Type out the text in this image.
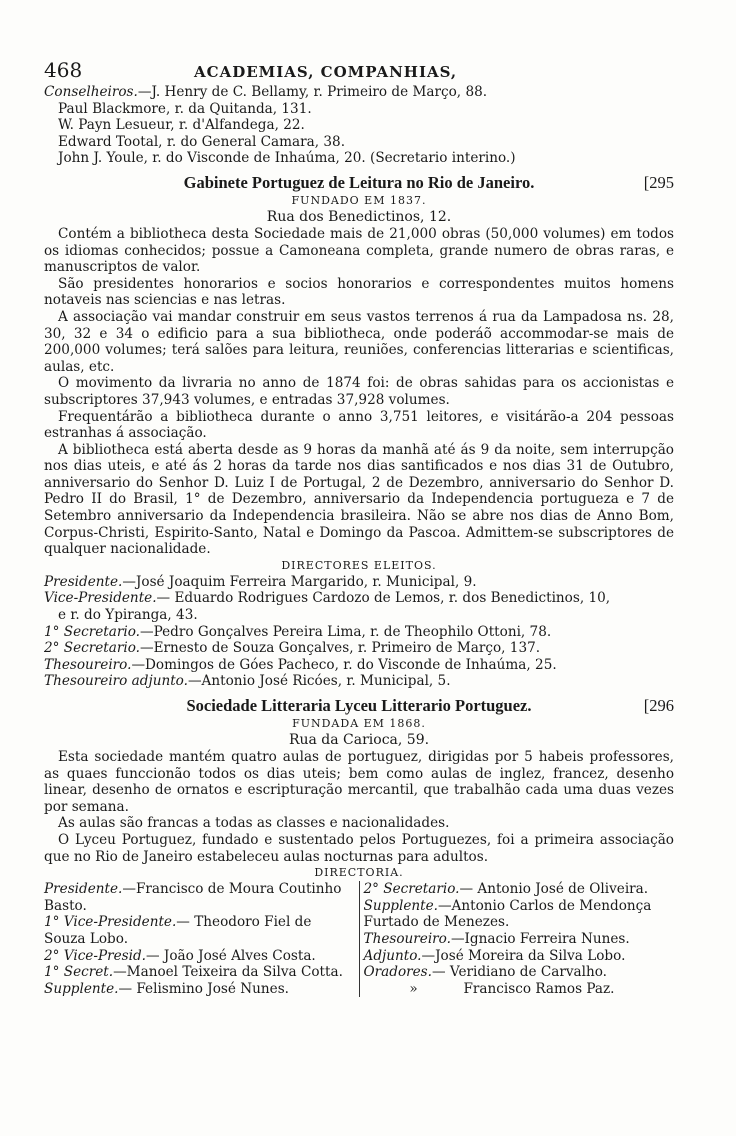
468	ACADEMIAS, COMPANHIAS,
Conselheiros.—J. Henry de C. Bellamy, r. Primeiro de Março, 88.
Paul Blackmore, r. da Quitanda, 131.
W. Payn Lesueur, r. d'Alfandega, 22.
Edward Tootal, r. do General Camara, 38.
John J. Youle, r. do Visconde de Inhaúma, 20. (Secretario interino.)
Gabinete Portuguez de Leitura no Rio de Janeiro.	[295
FUNDADO EM 1837.
Rua dos Benedictinos, 12.

Contém a bibliotheca desta Sociedade mais de 21,000 obras (50,000 volumes) em todos os idiomas conhecidos; possue a Camoneana completa, grande numero de obras raras, e manuscriptos de valor.

São presidentes honorarios e socios honorarios e correspondentes muitos homens notaveis nas sciencias e nas letras.

A associação vai mandar construir em seus vastos terrenos á rua da Lampadosa ns. 28, 30, 32 e 34 o edificio para a sua bibliotheca, onde poderáõ accommodar-se mais de 200,000 volumes; terá salões para leitura, reuniões, conferencias litterarias e scientificas, aulas, etc.

O movimento da livraria no anno de 1874 foi: de obras sahidas para os accionistas e subscriptores 37,943 volumes, e entradas 37,928 volumes.

Frequentárão a bibliotheca durante o anno 3,751 leitores, e visitárão-a 204 pessoas estranhas á associação.

A bibliotheca está aberta desde as 9 horas da manhã até ás 9 da noite, sem interrupção nos dias uteis, e até ás 2 horas da tarde nos dias santificados e nos dias 31 de Outubro, anniversario do Senhor D. Luiz I de Portugal, 2 de Dezembro, anniversario do Senhor D. Pedro II do Brasil, 1° de Dezembro, anniversario da Independencia portugueza e 7 de Setembro anniversario da Independencia brasileira. Não se abre nos dias de Anno Bom, Corpus-Christi, Espirito-Santo, Natal e Domingo da Pascoa. Admittem-se subscriptores de qualquer nacionalidade.

DIRECTORES ELEITOS.
Presidente.—José Joaquim Ferreira Margarido, r. Municipal, 9.
Vice-Presidente.— Eduardo Rodrigues Cardozo de Lemos, r. dos Benedictinos, 10,
e r. do Ypiranga, 43.
1° Secretario.—Pedro Gonçalves Pereira Lima, r. de Theophilo Ottoni, 78.
2° Secretario.—Ernesto de Souza Gonçalves, r. Primeiro de Março, 137.
Thesoureiro.—Domingos de Góes Pacheco, r. do Visconde de Inhaúma, 25.
Thesoureiro adjunto.—Antonio José Ricóes, r. Municipal, 5.
Sociedade Litteraria Lyceu Litterario Portuguez.	[296
FUNDADA EM 1868.
Rua da Carioca, 59.

Esta sociedade mantém quatro aulas de portuguez, dirigidas por 5 habeis professores, as quaes funccionão todos os dias uteis; bem como aulas de inglez, francez, desenho linear, desenho de ornatos e escripturação mercantil, que trabalhão cada uma duas vezes por semana.

As aulas são francas a todas as classes e nacionalidades.

O Lyceu Portuguez, fundado e sustentado pelos Portuguezes, foi a primeira associação que no Rio de Janeiro estabeleceu aulas nocturnas para adultos.

DIRECTORIA.
Presidente.—Francisco de Moura Coutinho Basto.
1° Vice-Presidente.— Theodoro Fiel de Souza Lobo.
2° Vice-Presid.— João José Alves Costa.
1° Secret.—Manoel Teixeira da Silva Cotta.
Supplente.— Felismino José Nunes.
2° Secretario.— Antonio José de Oliveira.
Supplente.—Antonio Carlos de Mendonça Furtado de Menezes.
Thesoureiro.—Ignacio Ferreira Nunes.
Adjunto.—José Moreira da Silva Lobo.
Oradores.— Veridiano de Carvalho.
»	Francisco Ramos Paz.
